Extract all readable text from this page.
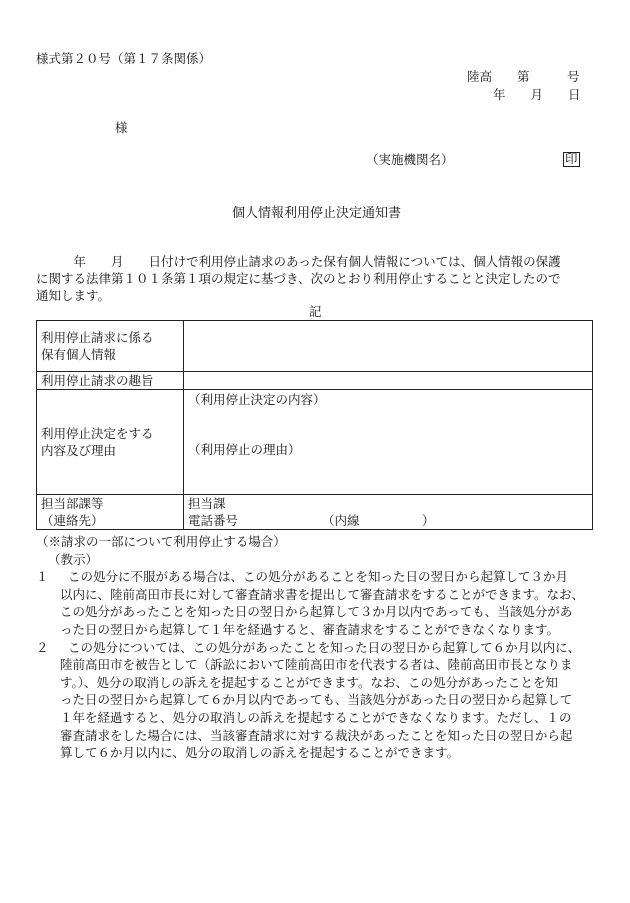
様式第２０号（第１７条関係）
陸高　　第　　　号
年　　月　　日
様
（実施機関名）	印
個人情報利用停止決定通知書

　　　年　　月　　日付けで利用停止請求のあった保有個人情報については、個人情報の保護

に関する法律第１０１条第１項の規定に基づき、次のとおり利用停止することと決定したので

通知します。

記
利用停止請求に係る
保有個人情報	

利用停止請求の趣旨	

利用停止決定をする
内容及び理由	（利用停止決定の内容）
（利用停止の理由）

担当部課等
（連絡先）	担当課
電話番号 （内線　　　　　）

（※請求の一部について利用停止する場合）

（教示）

１	この処分に不服がある場合は、この処分があることを知った日の翌日から起算して３か月

以内に、陸前高田市長に対して審査請求書を提出して審査請求をすることができます。なお、

この処分があったことを知った日の翌日から起算して３か月以内であっても、当該処分があ

った日の翌日から起算して１年を経過すると、審査請求をすることができなくなります。

２	この処分については、この処分があったことを知った日の翌日から起算して６か月以内に、

陸前高田市を被告として（訴訟において陸前高田市を代表する者は、陸前高田市長となりま

す。）、処分の取消しの訴えを提起することができます。なお、この処分があったことを知

った日の翌日から起算して６か月以内であっても、当該処分があった日の翌日から起算して

１年を経過すると、処分の取消しの訴えを提起することができなくなります。ただし、１の

審査請求をした場合には、当該審査請求に対する裁決があったことを知った日の翌日から起

算して６か月以内に、処分の取消しの訴えを提起することができます。
